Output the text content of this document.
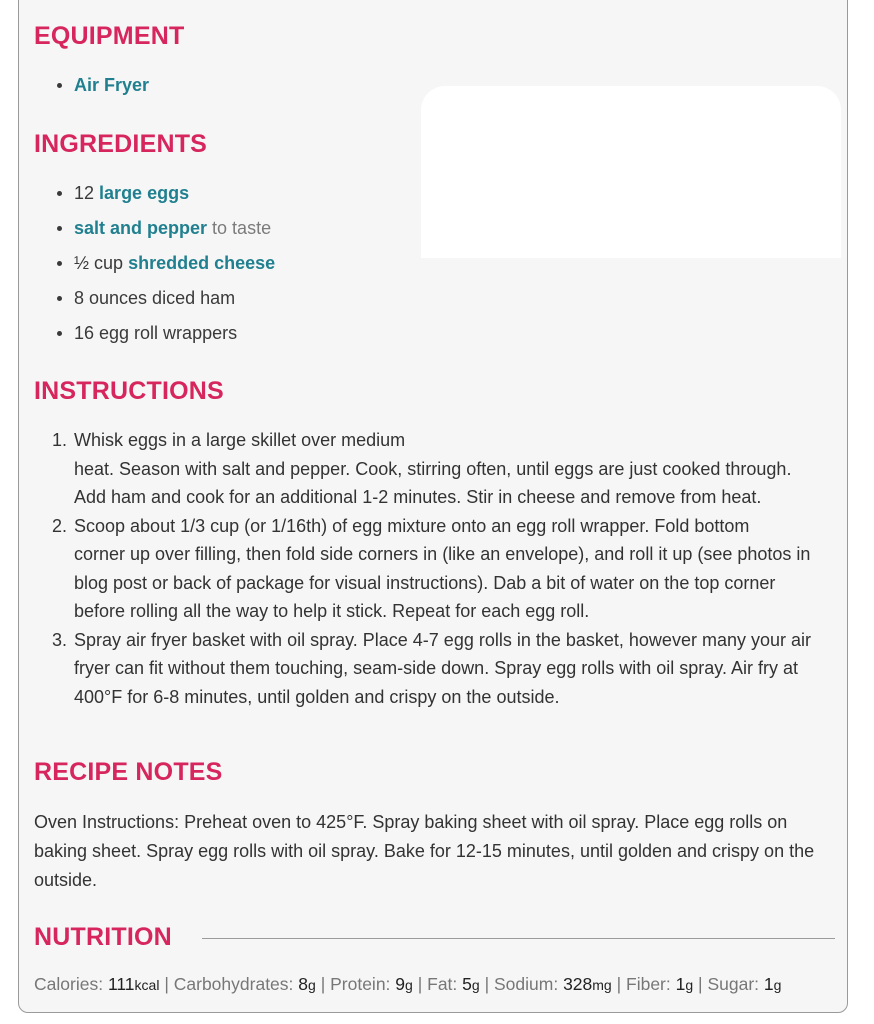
EQUIPMENT
Air Fryer
INGREDIENTS
12 large eggs
salt and pepper to taste
½ cup shredded cheese
8 ounces diced ham
16 egg roll wrappers
INSTRUCTIONS
1. Whisk eggs in a large skillet over medium
heat. Season with salt and pepper. Cook, stirring often, until eggs are just cooked through.
Add ham and cook for an additional 1-2 minutes. Stir in cheese and remove from heat.
2. Scoop about 1/3 cup (or 1/16th) of egg mixture onto an egg roll wrapper. Fold bottom
corner up over filling, then fold side corners in (like an envelope), and roll it up (see photos in
blog post or back of package for visual instructions). Dab a bit of water on the top corner
before rolling all the way to help it stick. Repeat for each egg roll.
3. Spray air fryer basket with oil spray. Place 4-7 egg rolls in the basket, however many your air
fryer can fit without them touching, seam-side down. Spray egg rolls with oil spray. Air fry at
400°F for 6-8 minutes, until golden and crispy on the outside.
RECIPE NOTES
Oven Instructions: Preheat oven to 425°F. Spray baking sheet with oil spray. Place egg rolls on
baking sheet. Spray egg rolls with oil spray. Bake for 12-15 minutes, until golden and crispy on the
outside.
NUTRITION
Calories: 111kcal | Carbohydrates: 8g | Protein: 9g | Fat: 5g | Sodium: 328mg | Fiber: 1g | Sugar: 1g
